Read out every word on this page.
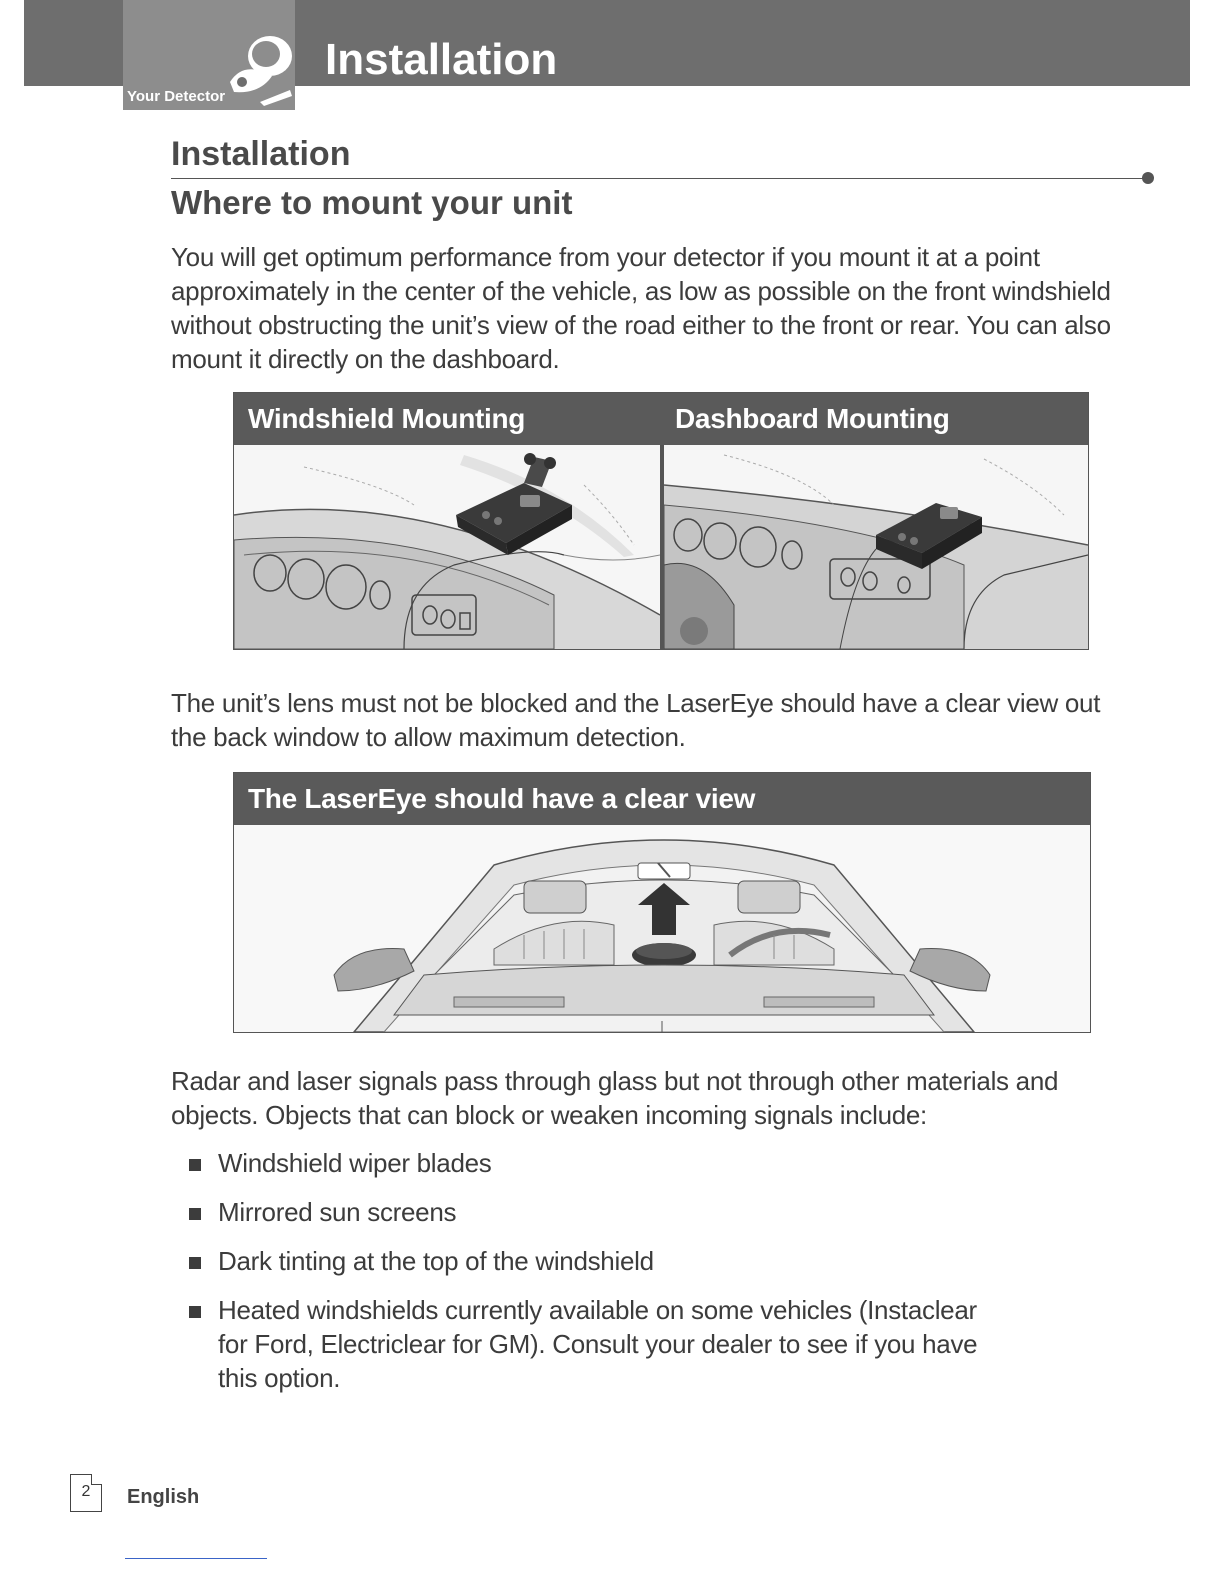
Installation
Your Detector
Installation
Where to mount your unit

You will get optimum performance from your detector if you mount it at a point approximately in the center of the vehicle, as low as possible on the front windshield without obstructing the unit’s view of the road either to the front or rear. You can also mount it directly on the dashboard.

Windshield Mounting	Dashboard Mounting

The unit’s lens must not be blocked and the LaserEye should have a clear view out the back window to allow maximum detection.

The LaserEye should have a clear view

Radar and laser signals pass through glass but not through other materials and objects. Objects that can block or weaken incoming signals include:

Windshield wiper blades
Mirrored sun screens
Dark tinting at the top of the windshield
Heated windshields currently available on some vehicles (Instaclear for Ford, Electriclear for GM). Consult your dealer to see if you have this option.
2	English
